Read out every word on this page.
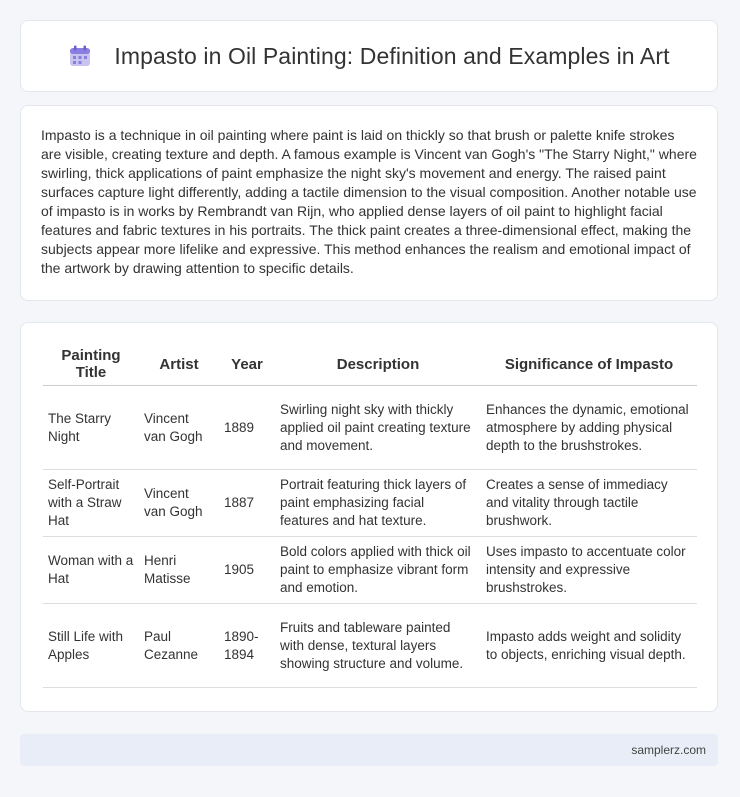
Impasto in Oil Painting: Definition and Examples in Art

Impasto is a technique in oil painting where paint is laid on thickly so that brush or palette knife strokes are visible, creating texture and depth. A famous example is Vincent van Gogh's "The Starry Night," where swirling, thick applications of paint emphasize the night sky's movement and energy. The raised paint surfaces capture light differently, adding a tactile dimension to the visual composition. Another notable use of impasto is in works by Rembrandt van Rijn, who applied dense layers of oil paint to highlight facial features and fabric textures in his portraits. The thick paint creates a three-dimensional effect, making the subjects appear more lifelike and expressive. This method enhances the realism and emotional impact of the artwork by drawing attention to specific details.

Painting Title	Artist	Year	Description	Significance of Impasto
The Starry Night	Vincent van Gogh	1889	Swirling night sky with thickly applied oil paint creating texture and movement.	Enhances the dynamic, emotional atmosphere by adding physical depth to the brushstrokes.
Self-Portrait with a Straw Hat	Vincent van Gogh	1887	Portrait featuring thick layers of paint emphasizing facial features and hat texture.	Creates a sense of immediacy and vitality through tactile brushwork.
Woman with a Hat	Henri Matisse	1905	Bold colors applied with thick oil paint to emphasize vibrant form and emotion.	Uses impasto to accentuate color intensity and expressive brushstrokes.
Still Life with Apples	Paul Cezanne	1890-1894	Fruits and tableware painted with dense, textural layers showing structure and volume.	Impasto adds weight and solidity to objects, enriching visual depth.
samplerz.com
